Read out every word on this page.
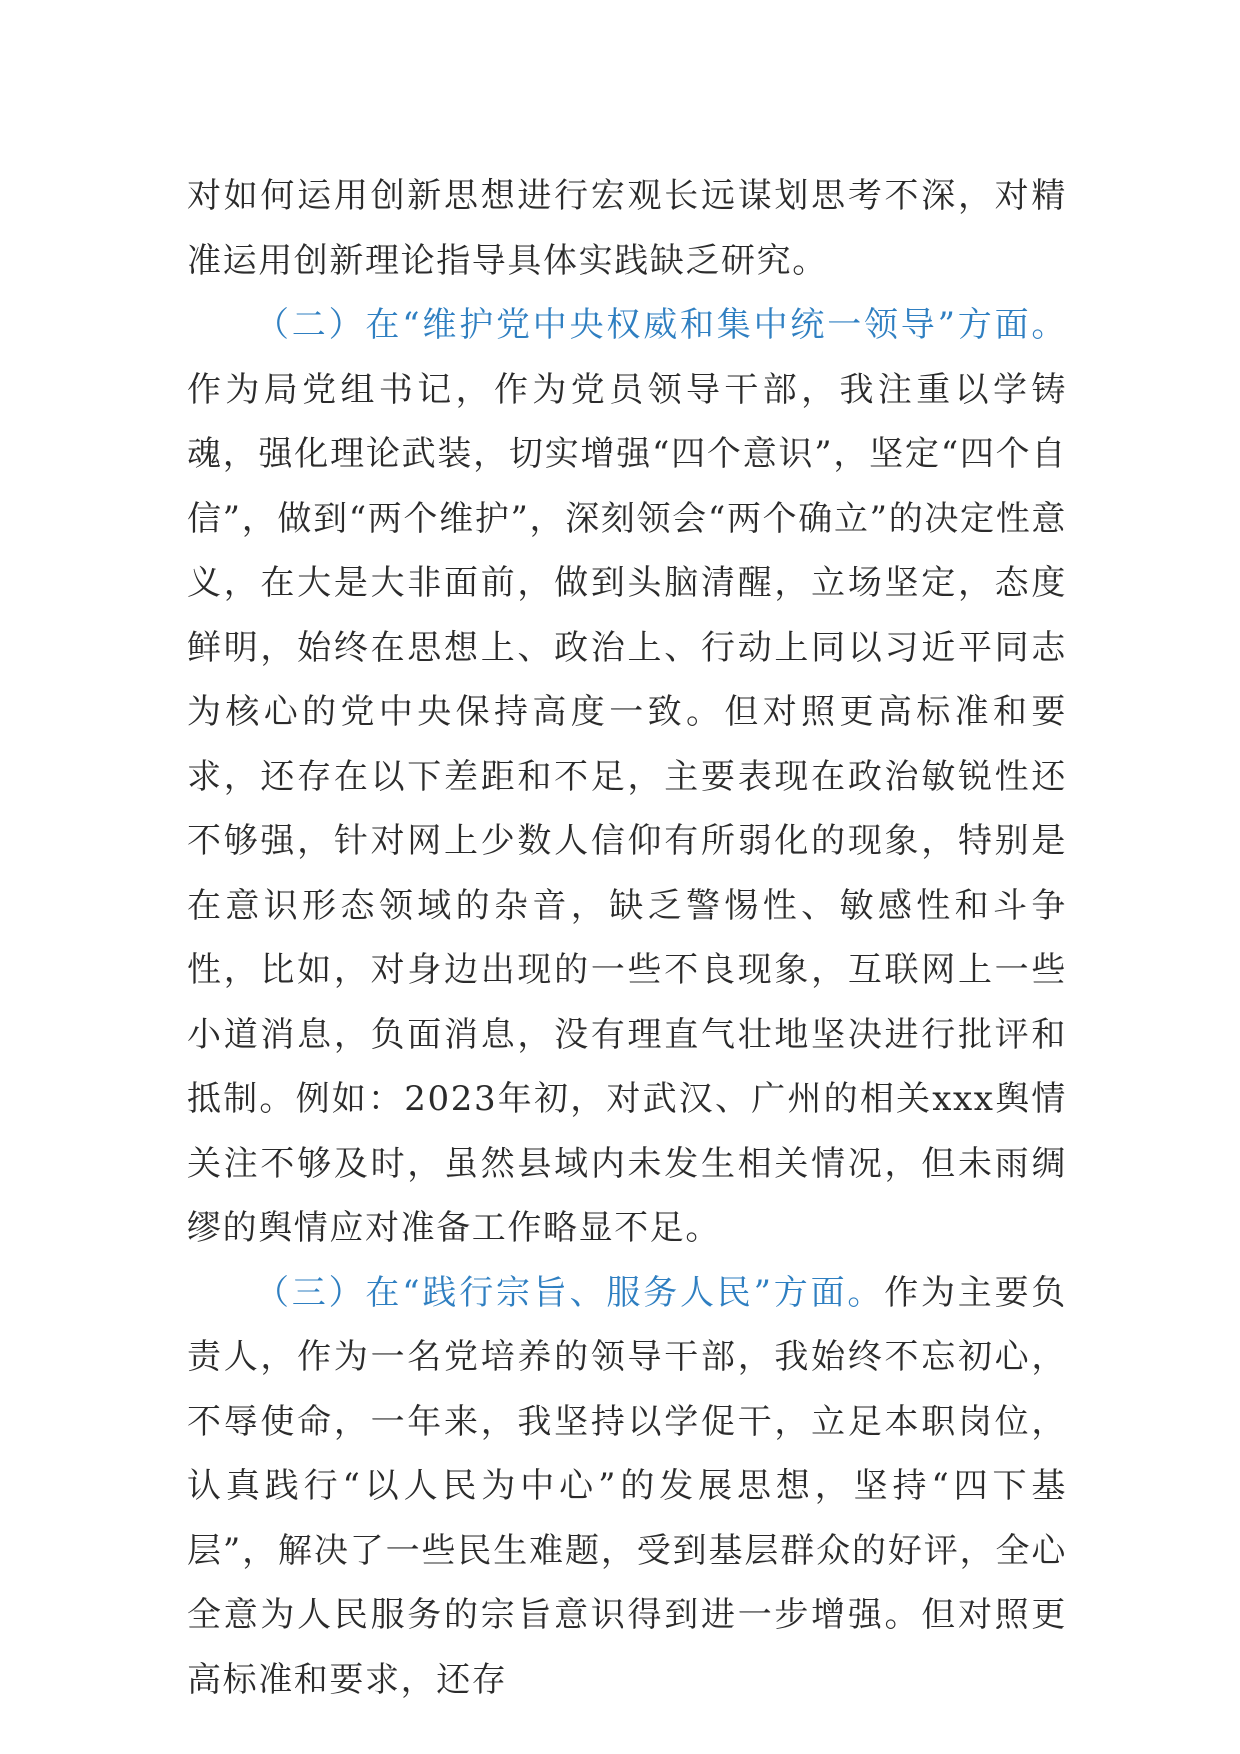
对如何运用创新思想进行宏观长远谋划思考不深，对精准运用创新理论指导具体实践缺乏研究。

（二）在“维护党中央权威和集中统一领导”方面。作为局党组书记，作为党员领导干部，我注重以学铸魂，强化理论武装，切实增强“四个意识”，坚定“四个自信”，做到“两个维护”，深刻领会“两个确立”的决定性意义，在大是大非面前，做到头脑清醒，立场坚定，态度鲜明，始终在思想上、政治上、行动上同以习近平同志为核心的党中央保持高度一致。但对照更高标准和要求，还存在以下差距和不足，主要表现在政治敏锐性还不够强，针对网上少数人信仰有所弱化的现象，特别是在意识形态领域的杂音，缺乏警惕性、敏感性和斗争性，比如，对身边出现的一些不良现象，互联网上一些小道消息，负面消息，没有理直气壮地坚决进行批评和抵制。例如：2023年初，对武汉、广州的相关xxx舆情关注不够及时，虽然县域内未发生相关情况，但未雨绸缪的舆情应对准备工作略显不足。

（三）在“践行宗旨、服务人民”方面。作为主要负责人，作为一名党培养的领导干部，我始终不忘初心，不辱使命，一年来，我坚持以学促干，立足本职岗位，认真践行“以人民为中心”的发展思想，坚持“四下基层”，解决了一些民生难题，受到基层群众的好评，全心全意为人民服务的宗旨意识得到进一步增强。但对照更高标准和要求，还存
